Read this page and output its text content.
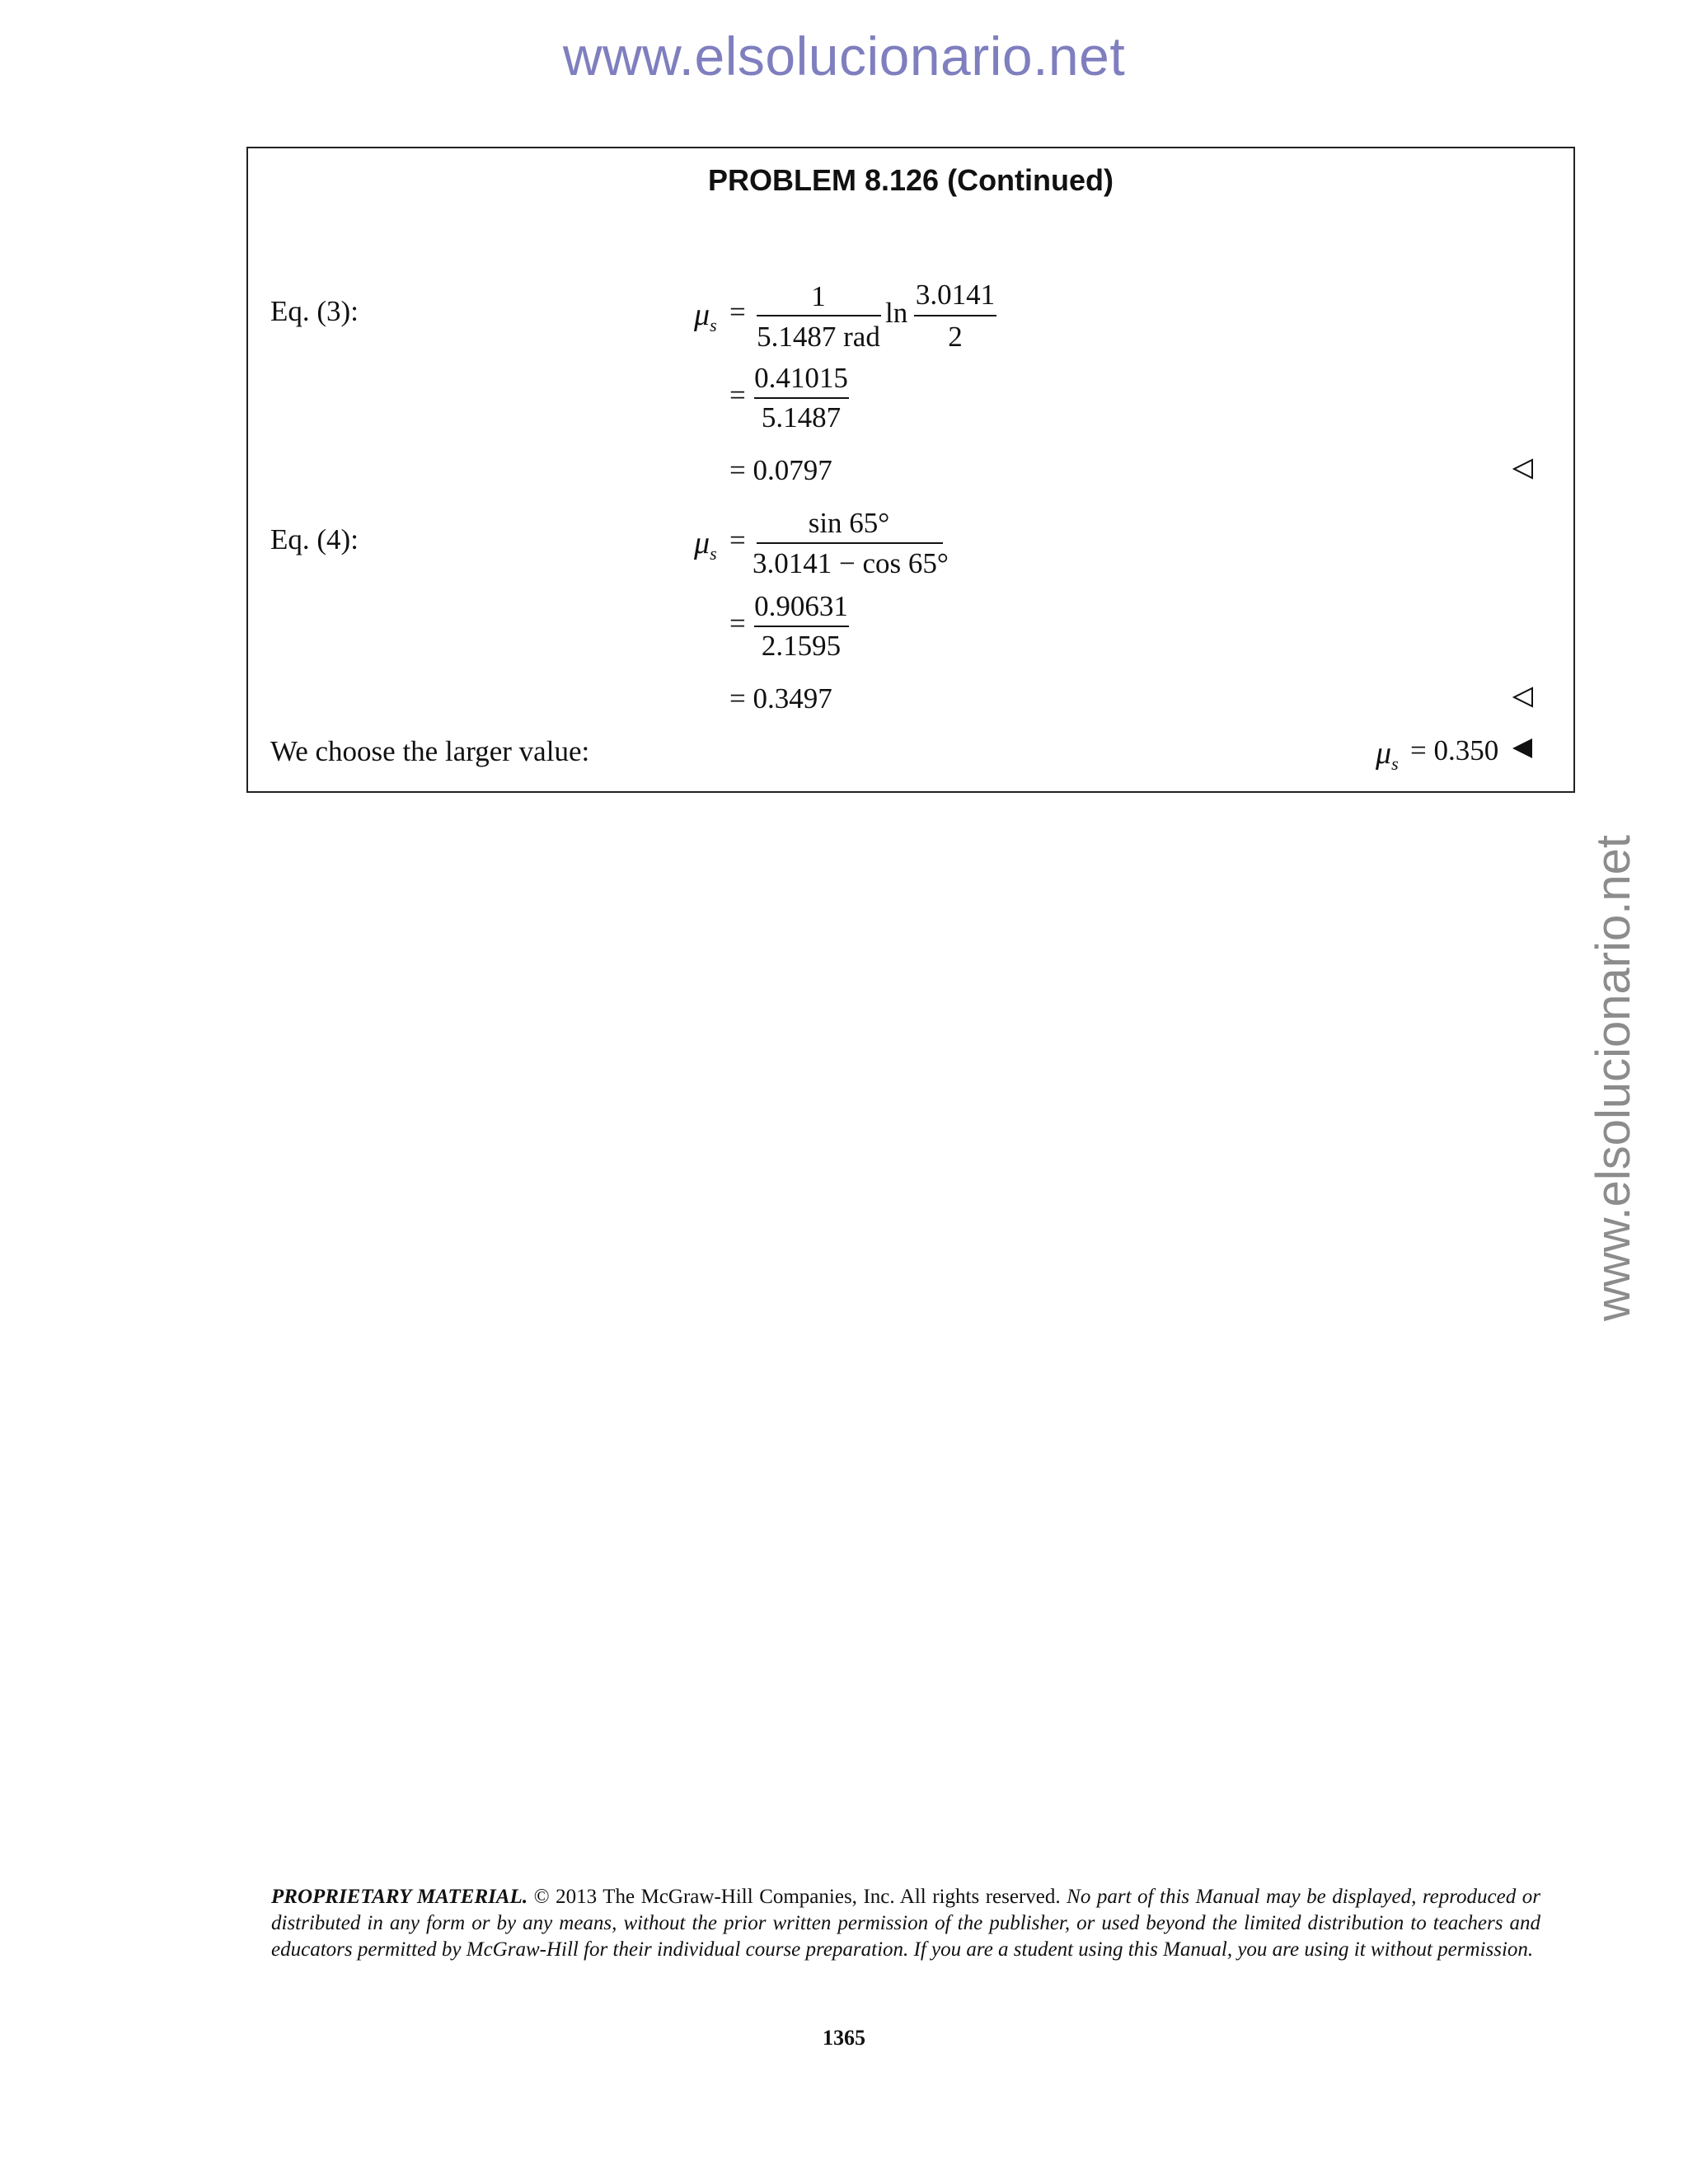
www.elsolucionario.net
www.elsolucionario.net
PROBLEM 8.126 (Continued)
Eq. (3):	$\mu_s$ =	1
5.1487 rad
ln
3.0141
2
=
0.41015
5.1487
= 0.0797
Eq. (4):	$\mu_s$ =
sin 65°
3.0141 − cos 65°
=
0.90631
2.1595
= 0.3497
We choose the larger value:	$\mu_s = 0.350$
PROPRIETARY MATERIAL. © 2013 The McGraw-Hill Companies, Inc. All rights reserved. No part of this Manual may be displayed, reproduced or distributed in any form or by any means, without the prior written permission of the publisher, or used beyond the limited distribution to teachers and educators permitted by McGraw-Hill for their individual course preparation. If you are a student using this Manual, you are using it without permission.
1365
